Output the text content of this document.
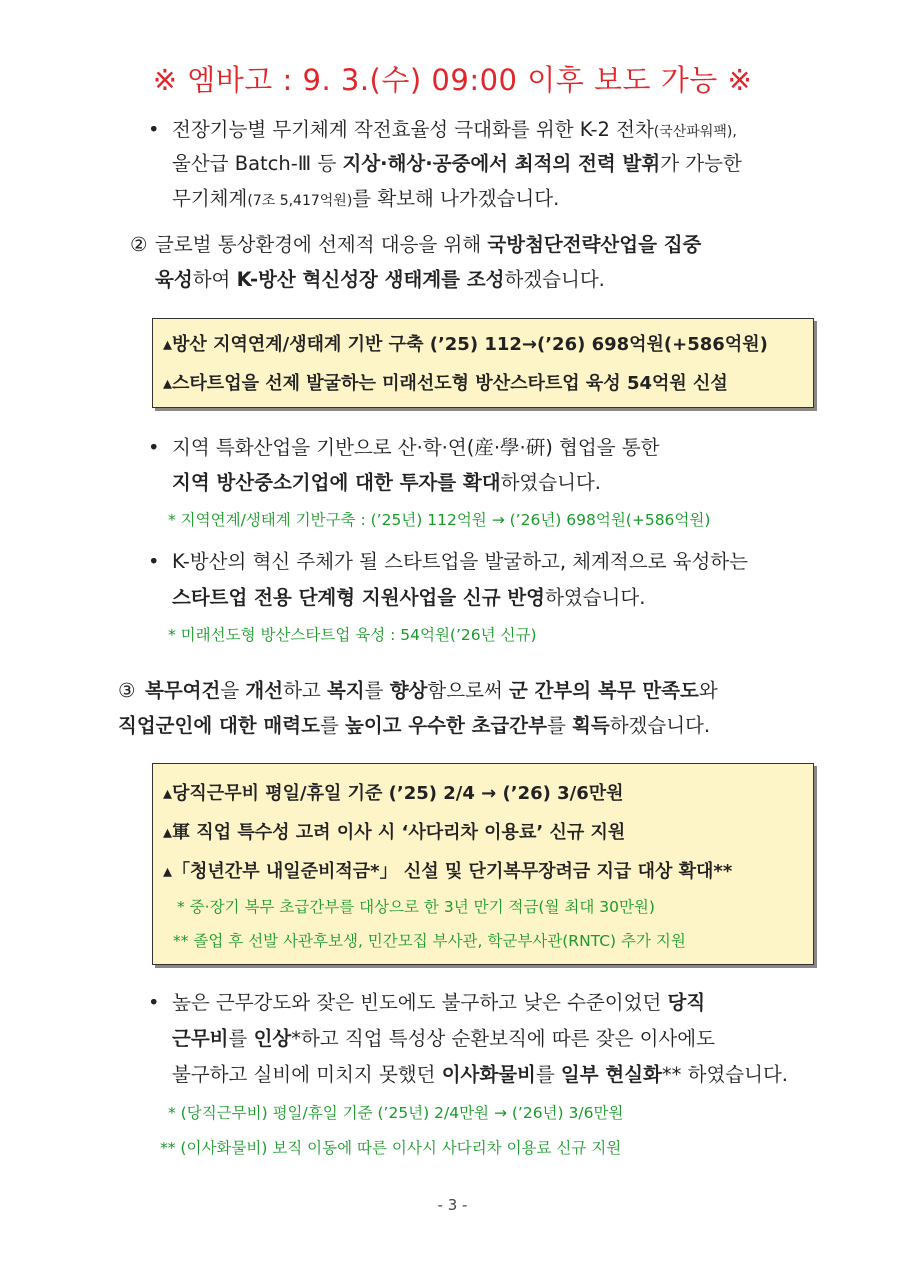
※ 엠바고 : 9. 3.(수) 09:00 이후 보도 가능 ※
• 전장기능별 무기체계 작전효율성 극대화를 위한 K-2 전차(국산파워팩),
울산급 Batch-Ⅲ 등 지상·해상·공중에서 최적의 전력 발휘가 가능한
무기체계(7조 5,417억원)를 확보해 나가겠습니다.
② 글로벌 통상환경에 선제적 대응을 위해 국방첨단전략산업을 집중
육성하여 K-방산 혁신성장 생태계를 조성하겠습니다.
▴방산 지역연계/생태계 기반 구축 (’25) 112→(’26) 698억원(+586억원)
▴스타트업을 선제 발굴하는 미래선도형 방산스타트업 육성 54억원 신설
• 지역 특화산업을 기반으로 산·학·연(産·學·硏) 협업을 통한
지역 방산중소기업에 대한 투자를 확대하였습니다.
* 지역연계/생태계 기반구축 : (’25년) 112억원 → (’26년) 698억원(+586억원)
• K-방산의 혁신 주체가 될 스타트업을 발굴하고, 체계적으로 육성하는
스타트업 전용 단계형 지원사업을 신규 반영하였습니다.
* 미래선도형 방산스타트업 육성 : 54억원(’26년 신규)
③ 복무여건을 개선하고 복지를 향상함으로써 군 간부의 복무 만족도와
직업군인에 대한 매력도를 높이고 우수한 초급간부를 획득하겠습니다.
▴당직근무비 평일/휴일 기준 (’25) 2/4 → (’26) 3/6만원
▴軍 직업 특수성 고려 이사 시 ‘사다리차 이용료’ 신규 지원
▴「청년간부 내일준비적금*」 신설 및 단기복무장려금 지급 대상 확대**
* 중·장기 복무 초급간부를 대상으로 한 3년 만기 적금(월 최대 30만원)
** 졸업 후 선발 사관후보생, 민간모집 부사관, 학군부사관(RNTC) 추가 지원
• 높은 근무강도와 잦은 빈도에도 불구하고 낮은 수준이었던 당직
근무비를 인상*하고 직업 특성상 순환보직에 따른 잦은 이사에도
불구하고 실비에 미치지 못했던 이사화물비를 일부 현실화** 하였습니다.
* (당직근무비) 평일/휴일 기준 (’25년) 2/4만원 → (’26년) 3/6만원
** (이사화물비) 보직 이동에 따른 이사시 사다리차 이용료 신규 지원
- 3 -
